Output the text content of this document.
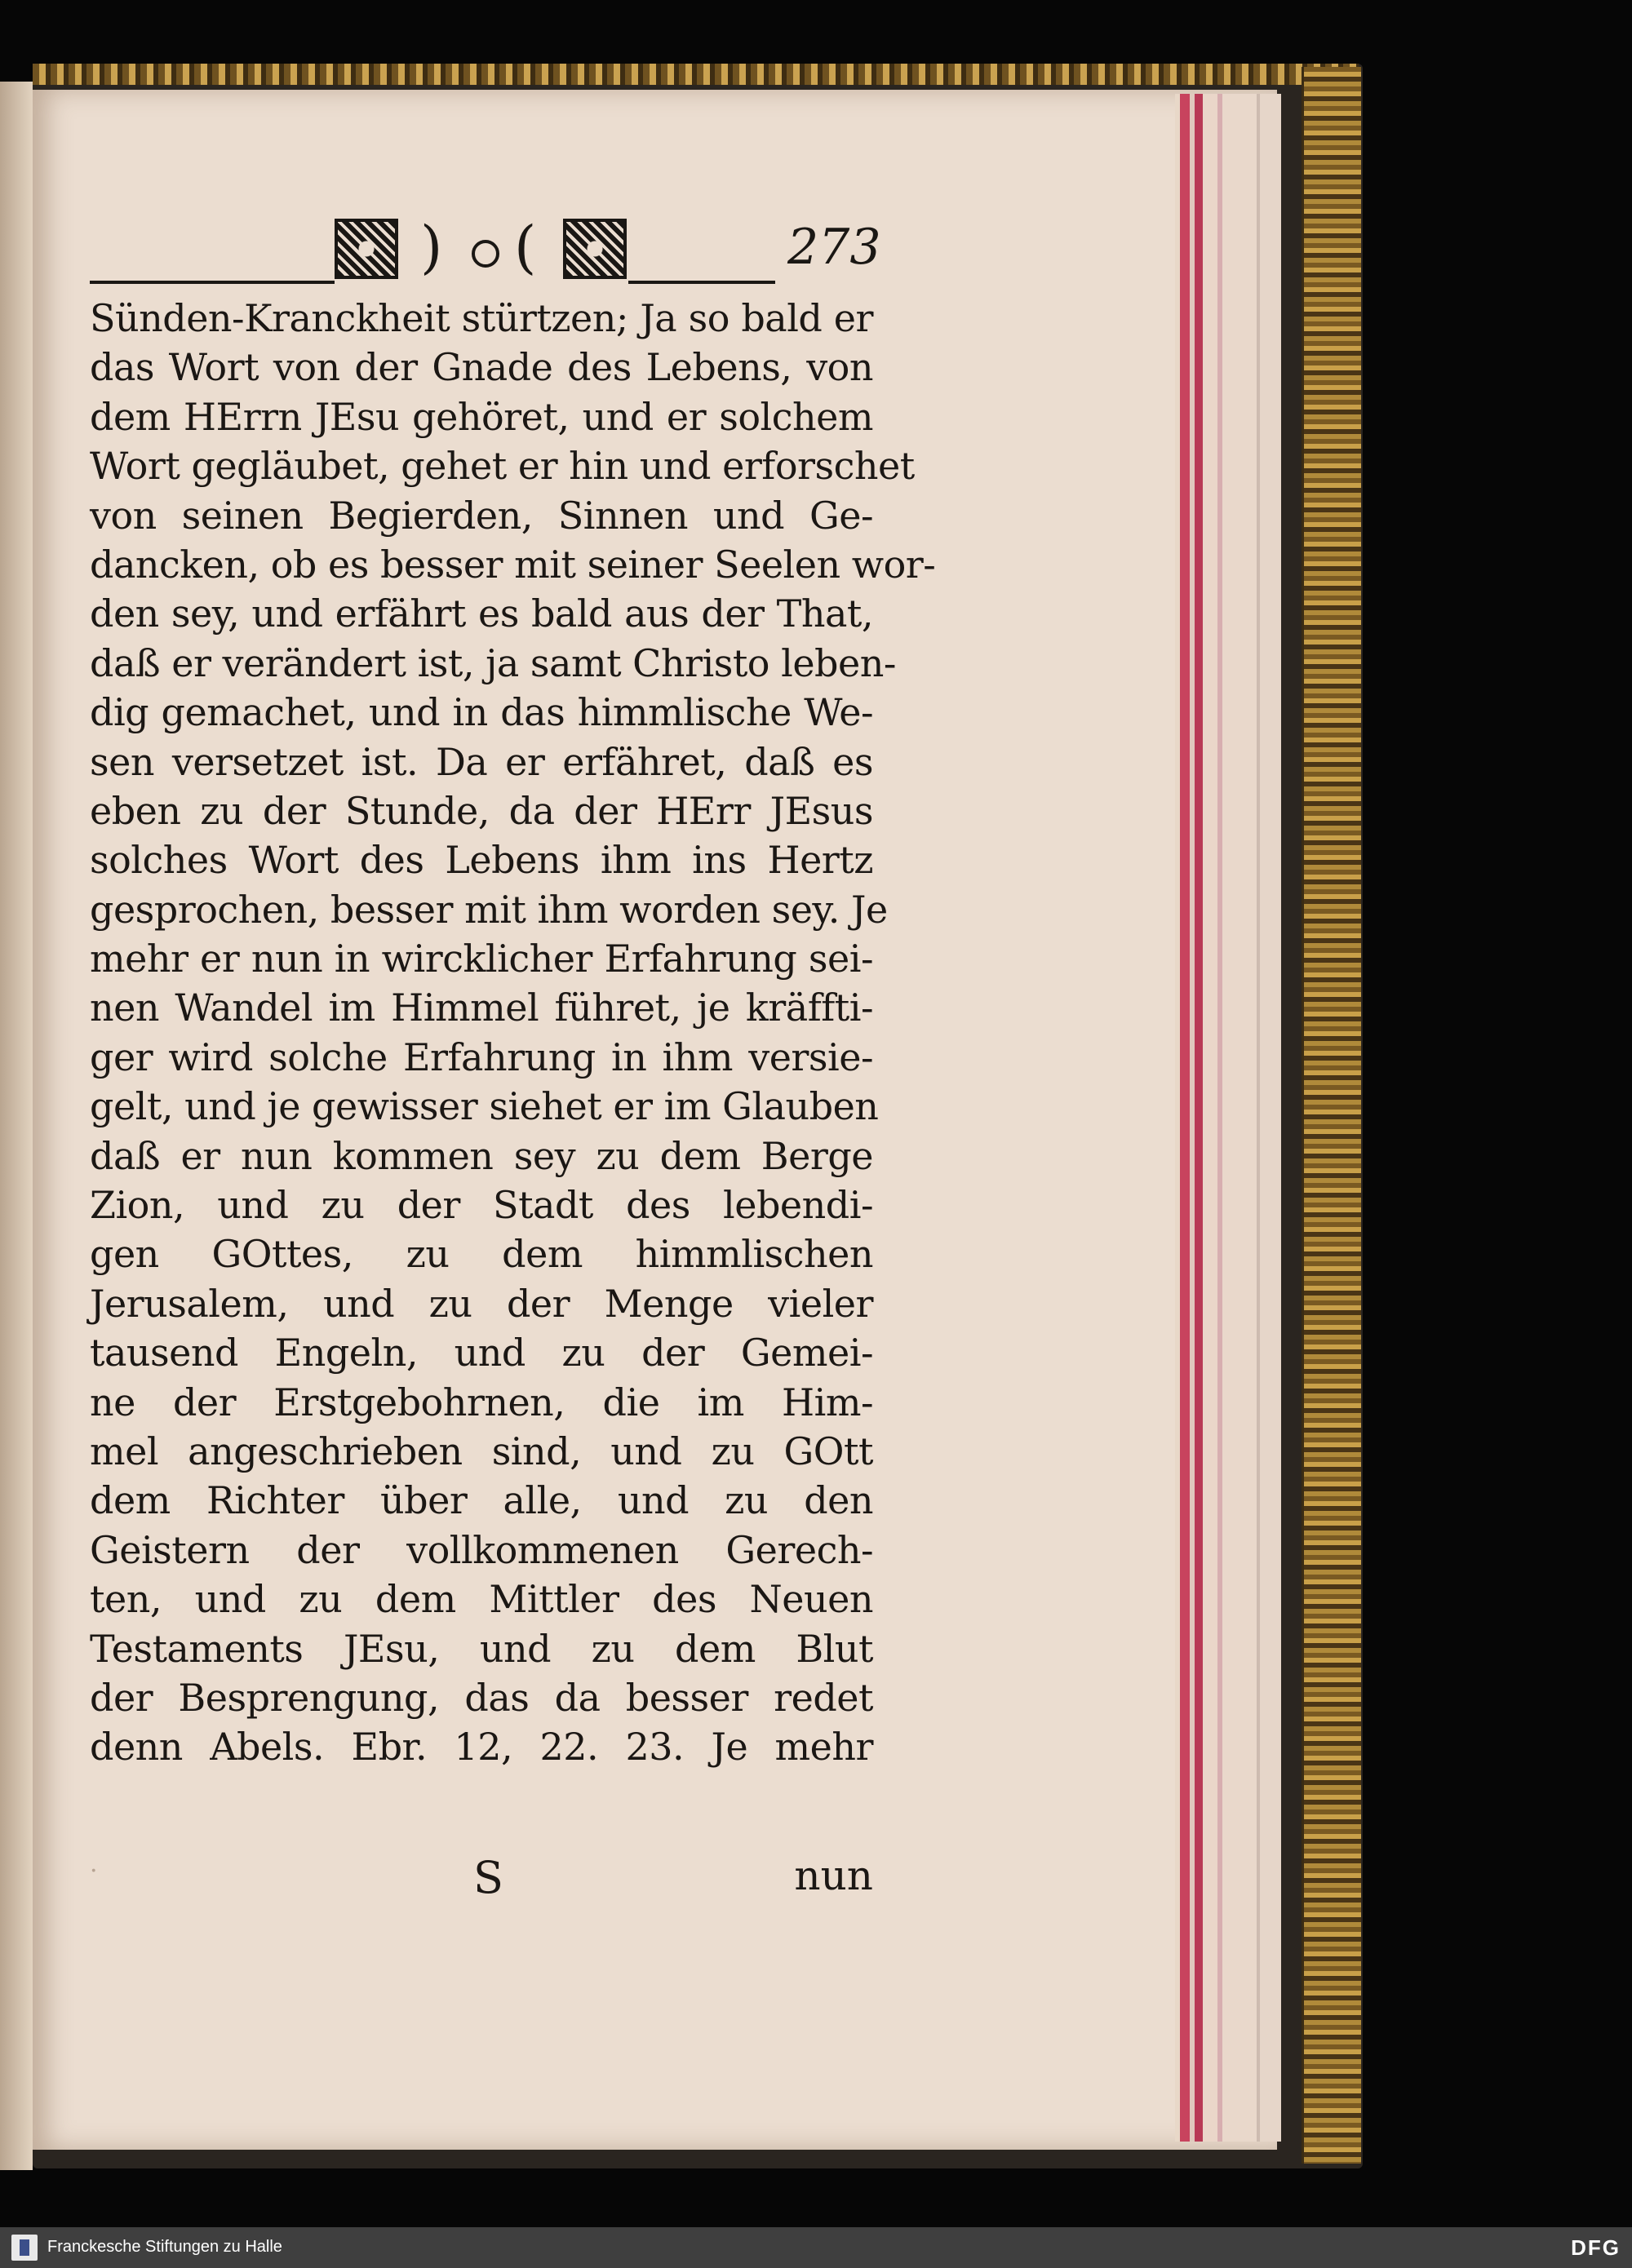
) (	273
Sünden-Kranckheit stürtzen; Ja so bald er
das Wort von der Gnade des Lebens, von
dem HErrn JEsu gehöret, und er solchem
Wort gegläubet, gehet er hin und erforschet
von seinen Begierden, Sinnen und Ge-
dancken, ob es besser mit seiner Seelen wor-
den sey, und erfährt es bald aus der That,
daß er verändert ist, ja samt Christo leben-
dig gemachet, und in das himmlische We-
sen versetzet ist. Da er erfähret, daß es
eben zu der Stunde, da der HErr JEsus
solches Wort des Lebens ihm ins Hertz
gesprochen, besser mit ihm worden sey. Je
mehr er nun in wircklicher Erfahrung sei-
nen Wandel im Himmel führet, je kräffti-
ger wird solche Erfahrung in ihm versie-
gelt, und je gewisser siehet er im Glauben
daß er nun kommen sey zu dem Berge
Zion, und zu der Stadt des lebendi-
gen GOttes, zu dem himmlischen
Jerusalem, und zu der Menge vieler
tausend Engeln, und zu der Gemei-
ne der Erstgebohrnen, die im Him-
mel angeschrieben sind, und zu GOtt
dem Richter über alle, und zu den
Geistern der vollkommenen Gerech-
ten, und zu dem Mittler des Neuen
Testaments JEsu, und zu dem Blut
der Besprengung, das da besser redet
denn Abels. Ebr. 12, 22. 23. Je mehr
·	S	nun
Franckesche Stiftungen zu Halle	DFG
